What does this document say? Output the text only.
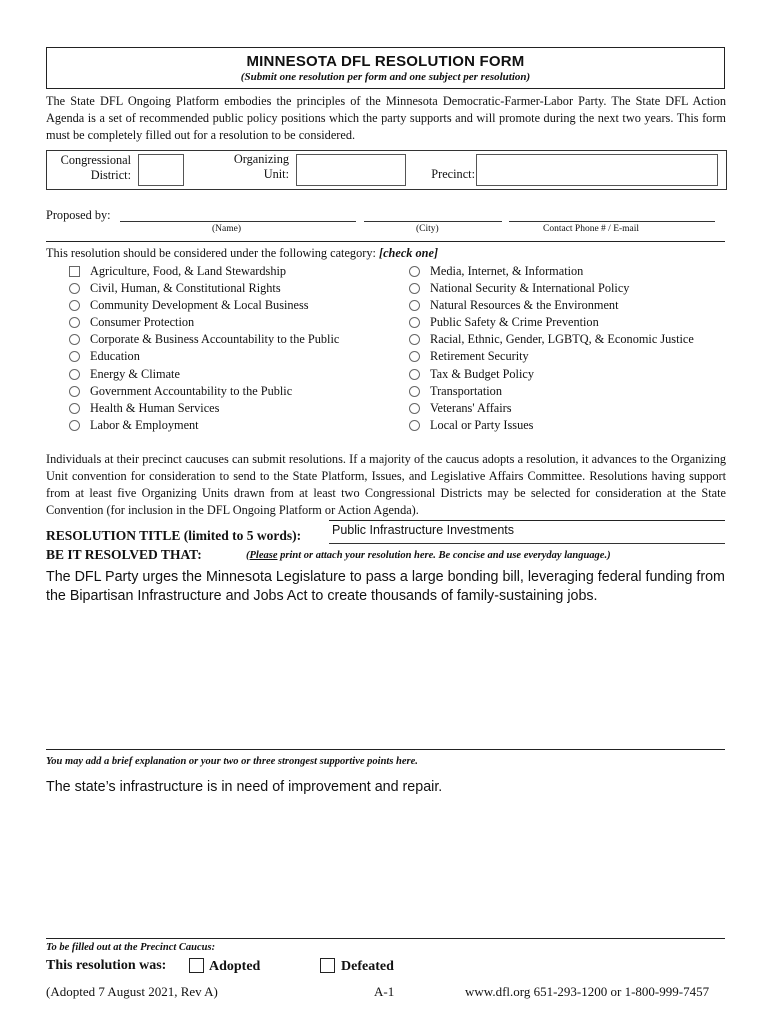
MINNESOTA DFL RESOLUTION FORM
(Submit one resolution per form and one subject per resolution)
The State DFL Ongoing Platform embodies the principles of the Minnesota Democratic-Farmer-Labor Party. The State DFL Action Agenda is a set of recommended public policy positions which the party supports and will promote during the next two years. This form must be completely filled out for a resolution to be considered.
Congressional
District:
Organizing
Unit:	Precinct:
Proposed by:
(Name)	(City)	Contact Phone # / E-mail
This resolution should be considered under the following category: [check one]
Agriculture, Food, & Land Stewardship
Civil, Human, & Constitutional Rights
Community Development & Local Business
Consumer Protection
Corporate & Business Accountability to the Public
Education
Energy & Climate
Government Accountability to the Public
Health & Human Services
Labor & Employment
Media, Internet, & Information
National Security & International Policy
Natural Resources & the Environment
Public Safety & Crime Prevention
Racial, Ethnic, Gender, LGBTQ, & Economic Justice
Retirement Security
Tax & Budget Policy
Transportation
Veterans' Affairs
Local or Party Issues
Individuals at their precinct caucuses can submit resolutions. If a majority of the caucus adopts a resolution, it advances to the Organizing Unit convention for consideration to send to the State Platform, Issues, and Legislative Affairs Committee. Resolutions having support from at least five Organizing Units drawn from at least two Congressional Districts may be selected for consideration at the State Convention (for inclusion in the DFL Ongoing Platform or Action Agenda).
RESOLUTION TITLE (limited to 5 words): Public Infrastructure Investments
BE IT RESOLVED THAT:	(Please print or attach your resolution here. Be concise and use everyday language.)
The DFL Party urges the Minnesota Legislature to pass a large bonding bill, leveraging federal funding from the Bipartisan Infrastructure and Jobs Act to create thousands of family-sustaining jobs.
You may add a brief explanation or your two or three strongest supportive points here.
The state’s infrastructure is in need of improvement and repair.
To be filled out at the Precinct Caucus:
This resolution was:	Adopted	Defeated
(Adopted 7 August 2021, Rev A)	A-1	www.dfl.org 651-293-1200 or 1-800-999-7457
